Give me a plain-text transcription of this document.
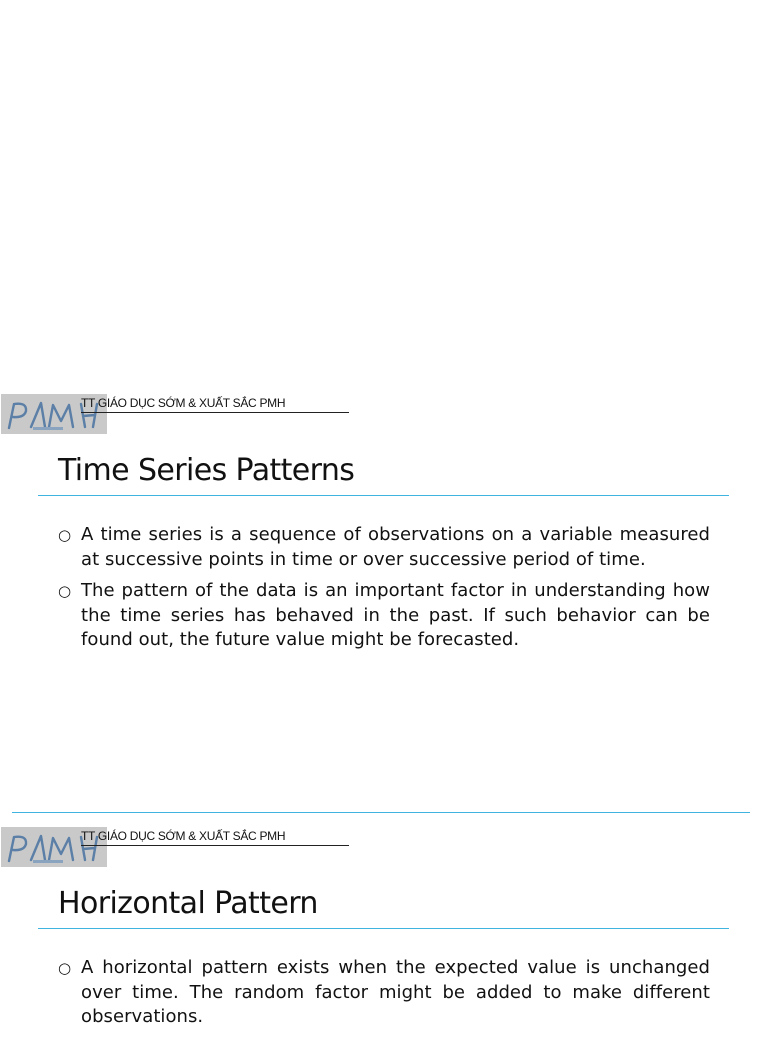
TT GIÁO DỤC SỚM & XUẤT SẮC PMH
Time Series Patterns
○ A time series is a sequence of observations on a variable measured at successive points in time or over successive period of time.
○ The pattern of the data is an important factor in understanding how the time series has behaved in the past. If such behavior can be found out, the future value might be forecasted.
TT GIÁO DỤC SỚM & XUẤT SẮC PMH
Horizontal Pattern
○ A horizontal pattern exists when the expected value is unchanged over time. The random factor might be added to make different observations.
